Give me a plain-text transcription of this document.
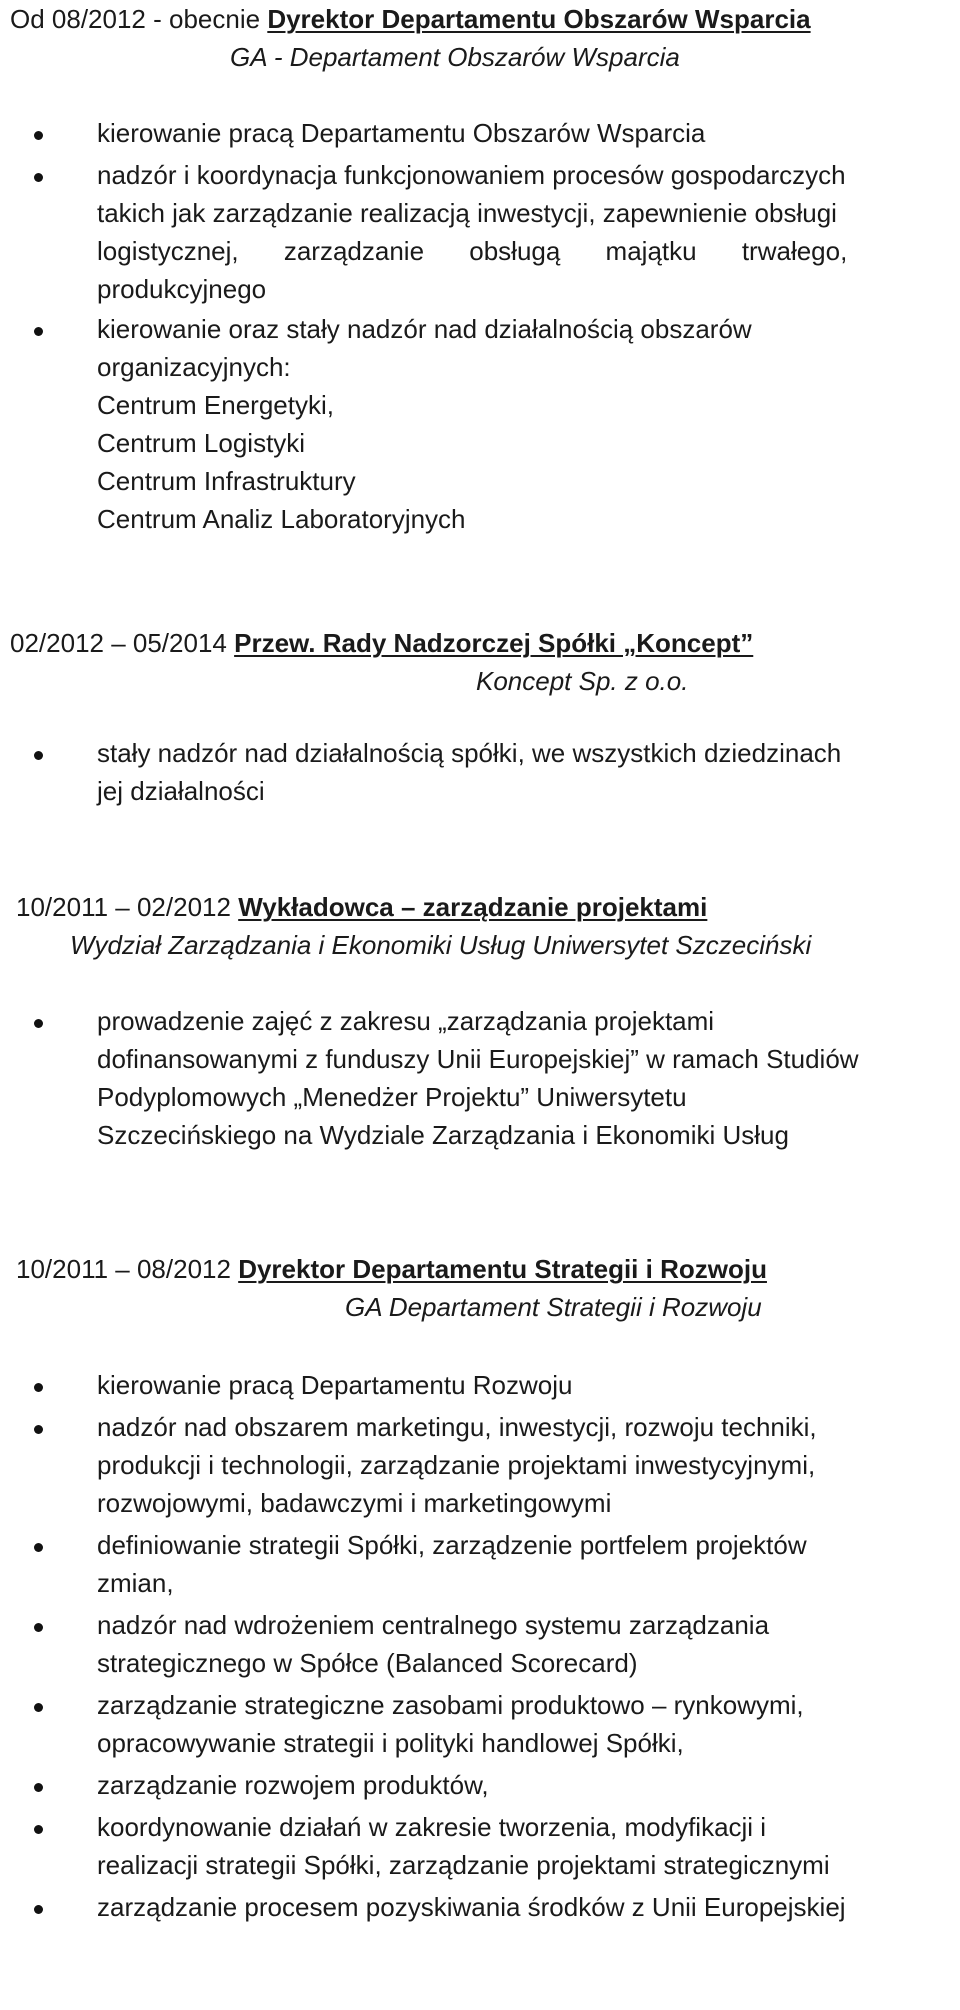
Od 08/2012 - obecnie Dyrektor Departamentu Obszarów Wsparcia
GA - Departament Obszarów Wsparcia
kierowanie pracą Departamentu Obszarów Wsparcia
nadzór i koordynacja funkcjonowaniem procesów gospodarczych
takich jak zarządzanie realizacją inwestycji, zapewnienie obsługi
logistycznej, zarządzanie obsługą majątku trwałego,
produkcyjnego
kierowanie oraz stały nadzór nad działalnością obszarów
organizacyjnych:
Centrum Energetyki,
Centrum Logistyki
Centrum Infrastruktury
Centrum Analiz Laboratoryjnych
02/2012 – 05/2014 Przew. Rady Nadzorczej Spółki „Koncept”
Koncept Sp. z o.o.
stały nadzór nad działalnością spółki, we wszystkich dziedzinach
jej działalności
10/2011 – 02/2012 Wykładowca – zarządzanie projektami
Wydział Zarządzania i Ekonomiki Usług Uniwersytet Szczeciński
prowadzenie zajęć z zakresu „zarządzania projektami
dofinansowanymi z funduszy Unii Europejskiej” w ramach Studiów
Podyplomowych „Menedżer Projektu” Uniwersytetu
Szczecińskiego na Wydziale Zarządzania i Ekonomiki Usług
10/2011 – 08/2012 Dyrektor Departamentu Strategii i Rozwoju
GA Departament Strategii i Rozwoju
kierowanie pracą Departamentu Rozwoju
nadzór nad obszarem marketingu, inwestycji, rozwoju techniki,
produkcji i technologii, zarządzanie projektami inwestycyjnymi,
rozwojowymi, badawczymi i marketingowymi
definiowanie strategii Spółki, zarządzenie portfelem projektów
zmian,
nadzór nad wdrożeniem centralnego systemu zarządzania
strategicznego w Spółce (Balanced Scorecard)
zarządzanie strategiczne zasobami produktowo – rynkowymi,
opracowywanie strategii i polityki handlowej Spółki,
zarządzanie rozwojem produktów,
koordynowanie działań w zakresie tworzenia, modyfikacji i
realizacji strategii Spółki, zarządzanie projektami strategicznymi
zarządzanie procesem pozyskiwania środków z Unii Europejskiej
